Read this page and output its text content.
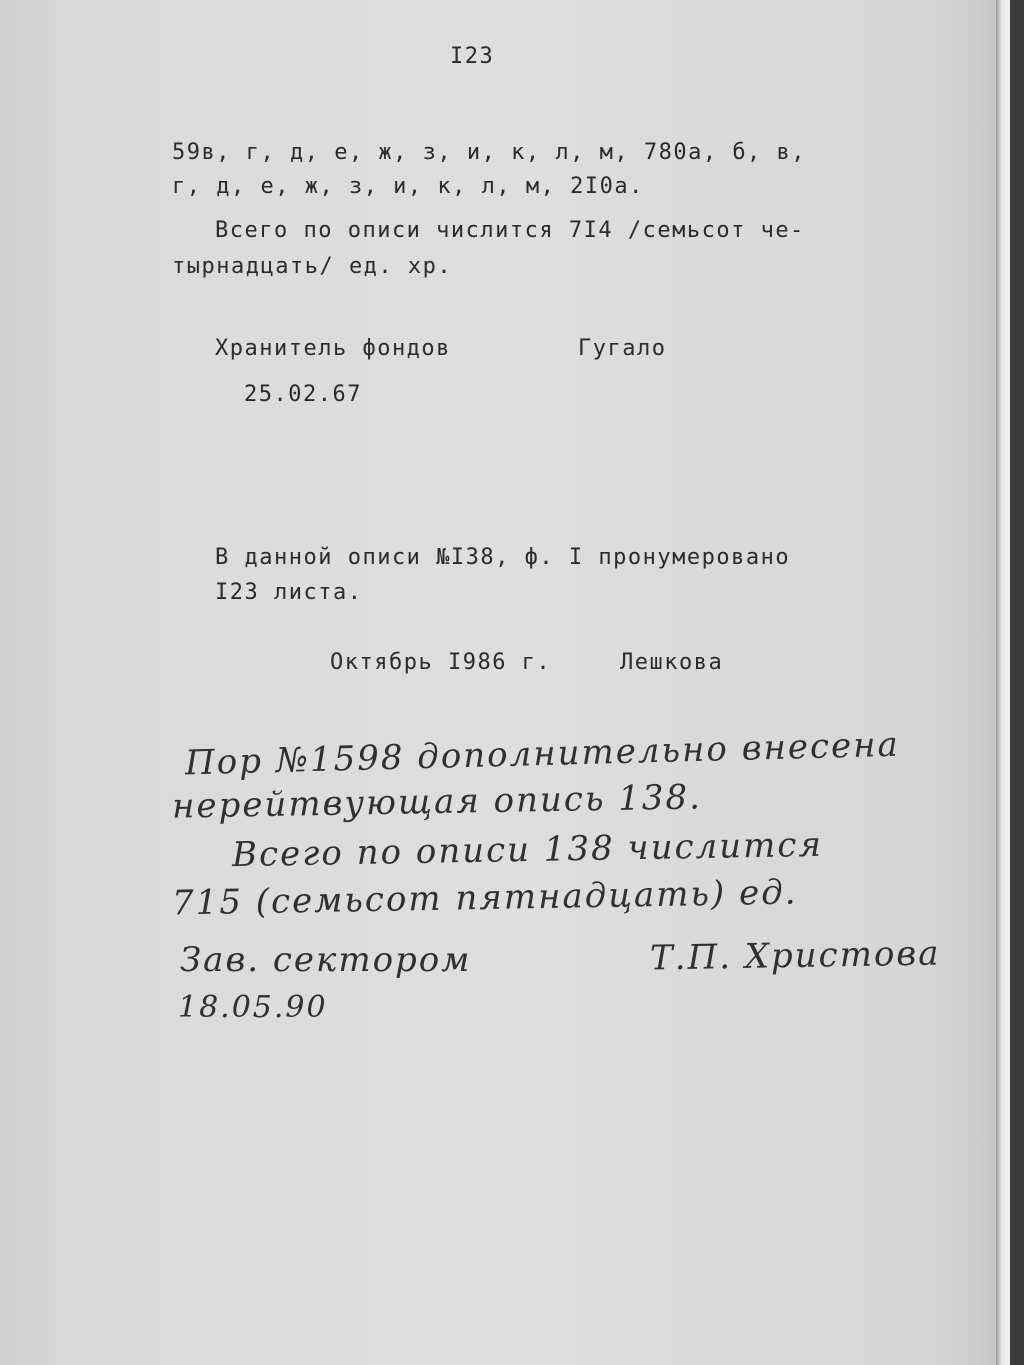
I23
59в, г, д, е, ж, з, и, к, л, м, 780а, б, в,
г, д, е, ж, з, и, к, л, м, 2I0а.
Всего по описи числится 7I4 /семьсот че-
тырнадцать/ ед. хр.
Хранитель фондов	Гугало
25.02.67
В данной описи №I38, ф. I пронумеровано
I23 листа.
Октябрь I986 г.	Лешкова
Пор №1598 дополнительно внесена
нерейтвующая опись 138.
Всего по описи 138 числится
715 (семьсот пятнадцать) ед.
Зав. сектором	Т.П. Христова
18.05.90
